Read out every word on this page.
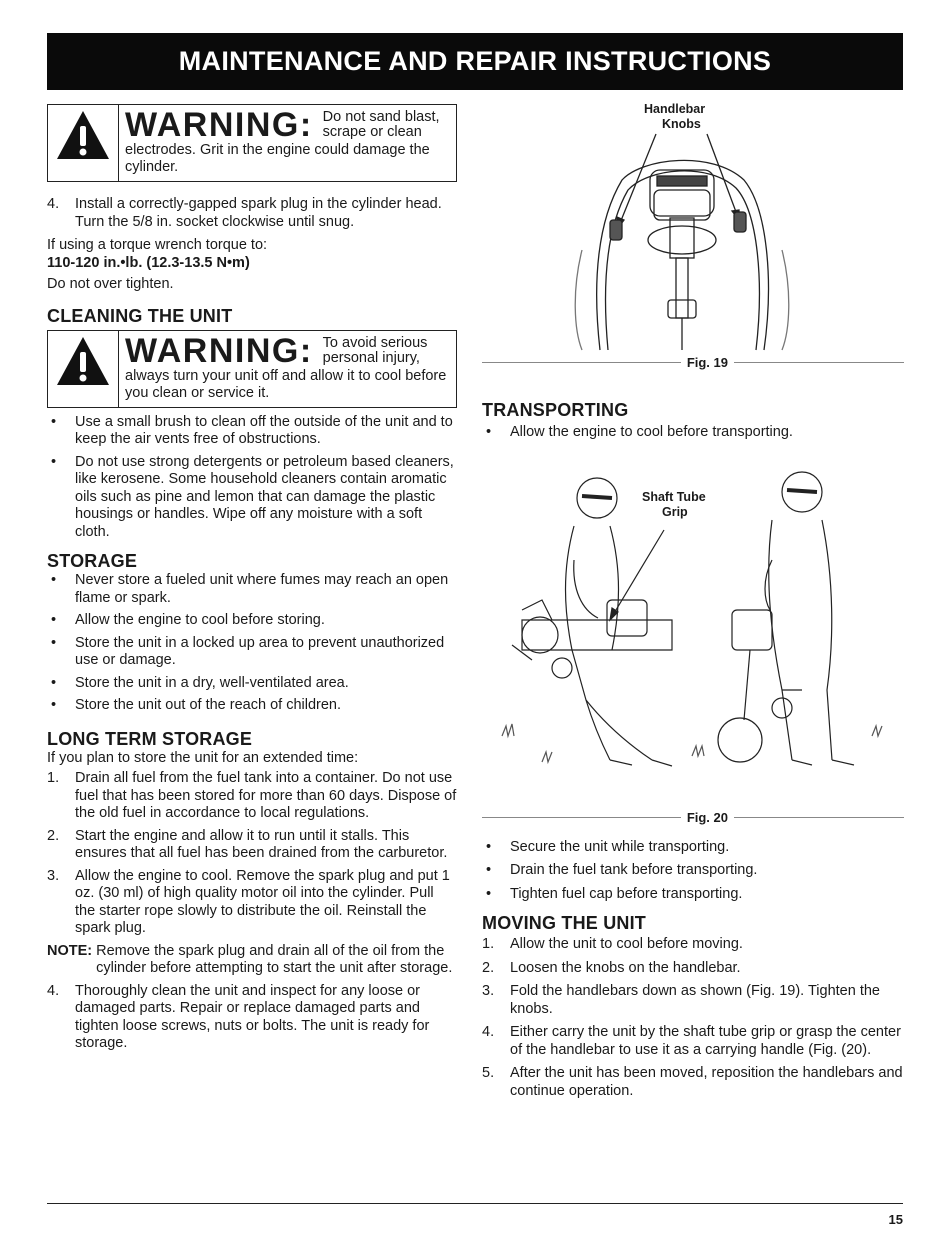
MAINTENANCE AND REPAIR INSTRUCTIONS
WARNING: Do not sand blast, scrape or clean
electrodes. Grit in the engine could damage the cylinder.
4.	Install a correctly-gapped spark plug in the cylinder head. Turn the 5/8 in. socket clockwise until snug.

If using a torque wrench torque to:

110-120 in.•lb. (12.3-13.5 N•m)

Do not over tighten.

CLEANING THE UNIT
WARNING: To avoid serious personal injury,
always turn your unit off and allow it to cool before you clean or service it.
•	Use a small brush to clean off the outside of the unit and to keep the air vents free of obstructions.
•	Do not use strong detergents or petroleum based cleaners, like kerosene. Some household cleaners contain aromatic oils such as pine and lemon that can damage the plastic housings or handles. Wipe off any moisture with a soft cloth.
STORAGE
•	Never store a fueled unit where fumes may reach an open flame or spark.
•	Allow the engine to cool before storing.
•	Store the unit in a locked up area to prevent unauthorized use or damage.
•	Store the unit in a dry, well-ventilated area.
•	Store the unit out of the reach of children.
LONG TERM STORAGE

If you plan to store the unit for an extended time:

1.	Drain all fuel from the fuel tank into a container. Do not use fuel that has been stored for more than 60 days. Dispose of the old fuel in accordance to local regulations.
2.	Start the engine and allow it to run until it stalls. This ensures that all fuel has been drained from the carburetor.
3.	Allow the engine to cool. Remove the spark plug and put 1 oz. (30 ml) of high quality motor oil into the cylinder. Pull the starter rope slowly to distribute the oil. Reinstall the spark plug.
NOTE: Remove the spark plug and drain all of the oil from the cylinder before attempting to start the unit after storage.
4.	Thoroughly clean the unit and inspect for any loose or damaged parts. Repair or replace damaged parts and tighten loose screws, nuts or bolts. The unit is ready for storage.
Handlebar
Knobs
Fig. 19
TRANSPORTING
•	Allow the engine to cool before transporting.
Shaft Tube
Grip
Fig. 20
•	Secure the unit while transporting.
•	Drain the fuel tank before transporting.
•	Tighten fuel cap before transporting.
MOVING THE UNIT
1.	Allow the unit to cool before moving.
2.	Loosen the knobs on the handlebar.
3.	Fold the handlebars down as shown (Fig. 19). Tighten the knobs.
4.	Either carry the unit by the shaft tube grip or grasp the center of the handlebar to use it as a carrying handle (Fig. (20).
5.	After the unit has been moved, reposition the handlebars and continue operation.
15
